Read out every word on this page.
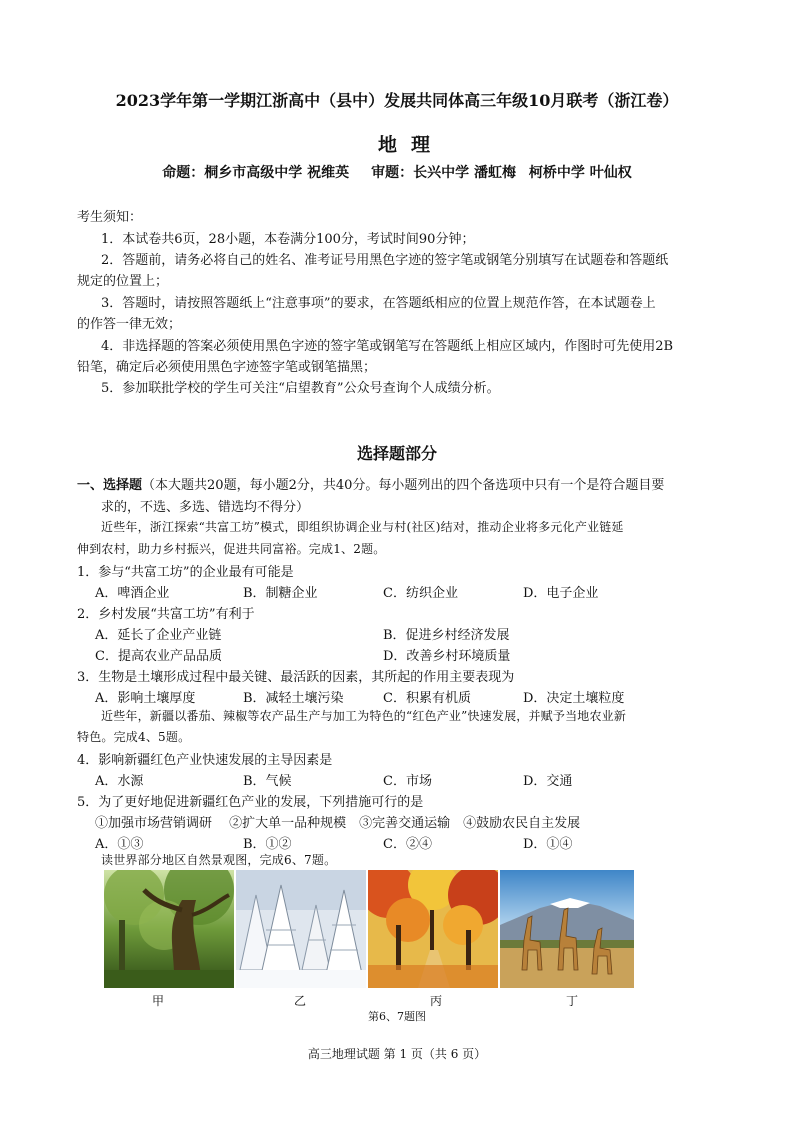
2023学年第一学期江浙高中（县中）发展共同体高三年级10月联考（浙江卷）
地理
命题：桐乡市高级中学 祝维英 审题：长兴中学 潘虹梅 柯桥中学 叶仙权
考生须知：
1．本试卷共6页，28小题，本卷满分100分，考试时间90分钟；
2．答题前，请务必将自己的姓名、准考证号用黑色字迹的签字笔或钢笔分别填写在试题卷和答题纸
规定的位置上；
3．答题时，请按照答题纸上“注意事项”的要求，在答题纸相应的位置上规范作答，在本试题卷上
的作答一律无效；
4．非选择题的答案必须使用黑色字迹的签字笔或钢笔写在答题纸上相应区域内，作图时可先使用2B
铅笔，确定后必须使用黑色字迹签字笔或钢笔描黑；
5．参加联批学校的学生可关注“启望教育”公众号查询个人成绩分析。
选择题部分
一、选择题（本大题共20题，每小题2分，共40分。每小题列出的四个备选项中只有一个是符合题目要
求的，不选、多选、错选均不得分）
近些年，浙江探索“共富工坊”模式，即组织协调企业与村(社区)结对，推动企业将多元化产业链延
伸到农村，助力乡村振兴，促进共同富裕。完成1、2题。
1．参与“共富工坊”的企业最有可能是
A．啤酒企业	B．制糖企业	C．纺织企业	D．电子企业
2．乡村发展“共富工坊”有利于
A．延长了企业产业链	B．促进乡村经济发展
C．提高农业产品品质	D．改善乡村环境质量
3．生物是土壤形成过程中最关键、最活跃的因素，其所起的作用主要表现为
A．影响土壤厚度	B．减轻土壤污染	C．积累有机质	D．决定土壤粒度
近些年，新疆以番茄、辣椒等农产品生产与加工为特色的“红色产业”快速发展，并赋予当地农业新
特色。完成4、5题。
4．影响新疆红色产业快速发展的主导因素是
A．水源	B．气候	C．市场	D．交通
5．为了更好地促进新疆红色产业的发展，下列措施可行的是
①加强市场营销调研　 ②扩大单一品种规模　③完善交通运输　④鼓励农民自主发展
A．①③	B．①②	C．②④	D．①④
读世界部分地区自然景观图，完成6、7题。
甲	乙	丙	丁
第6、7题图
高三地理试题 第 1 页（共 6 页）
